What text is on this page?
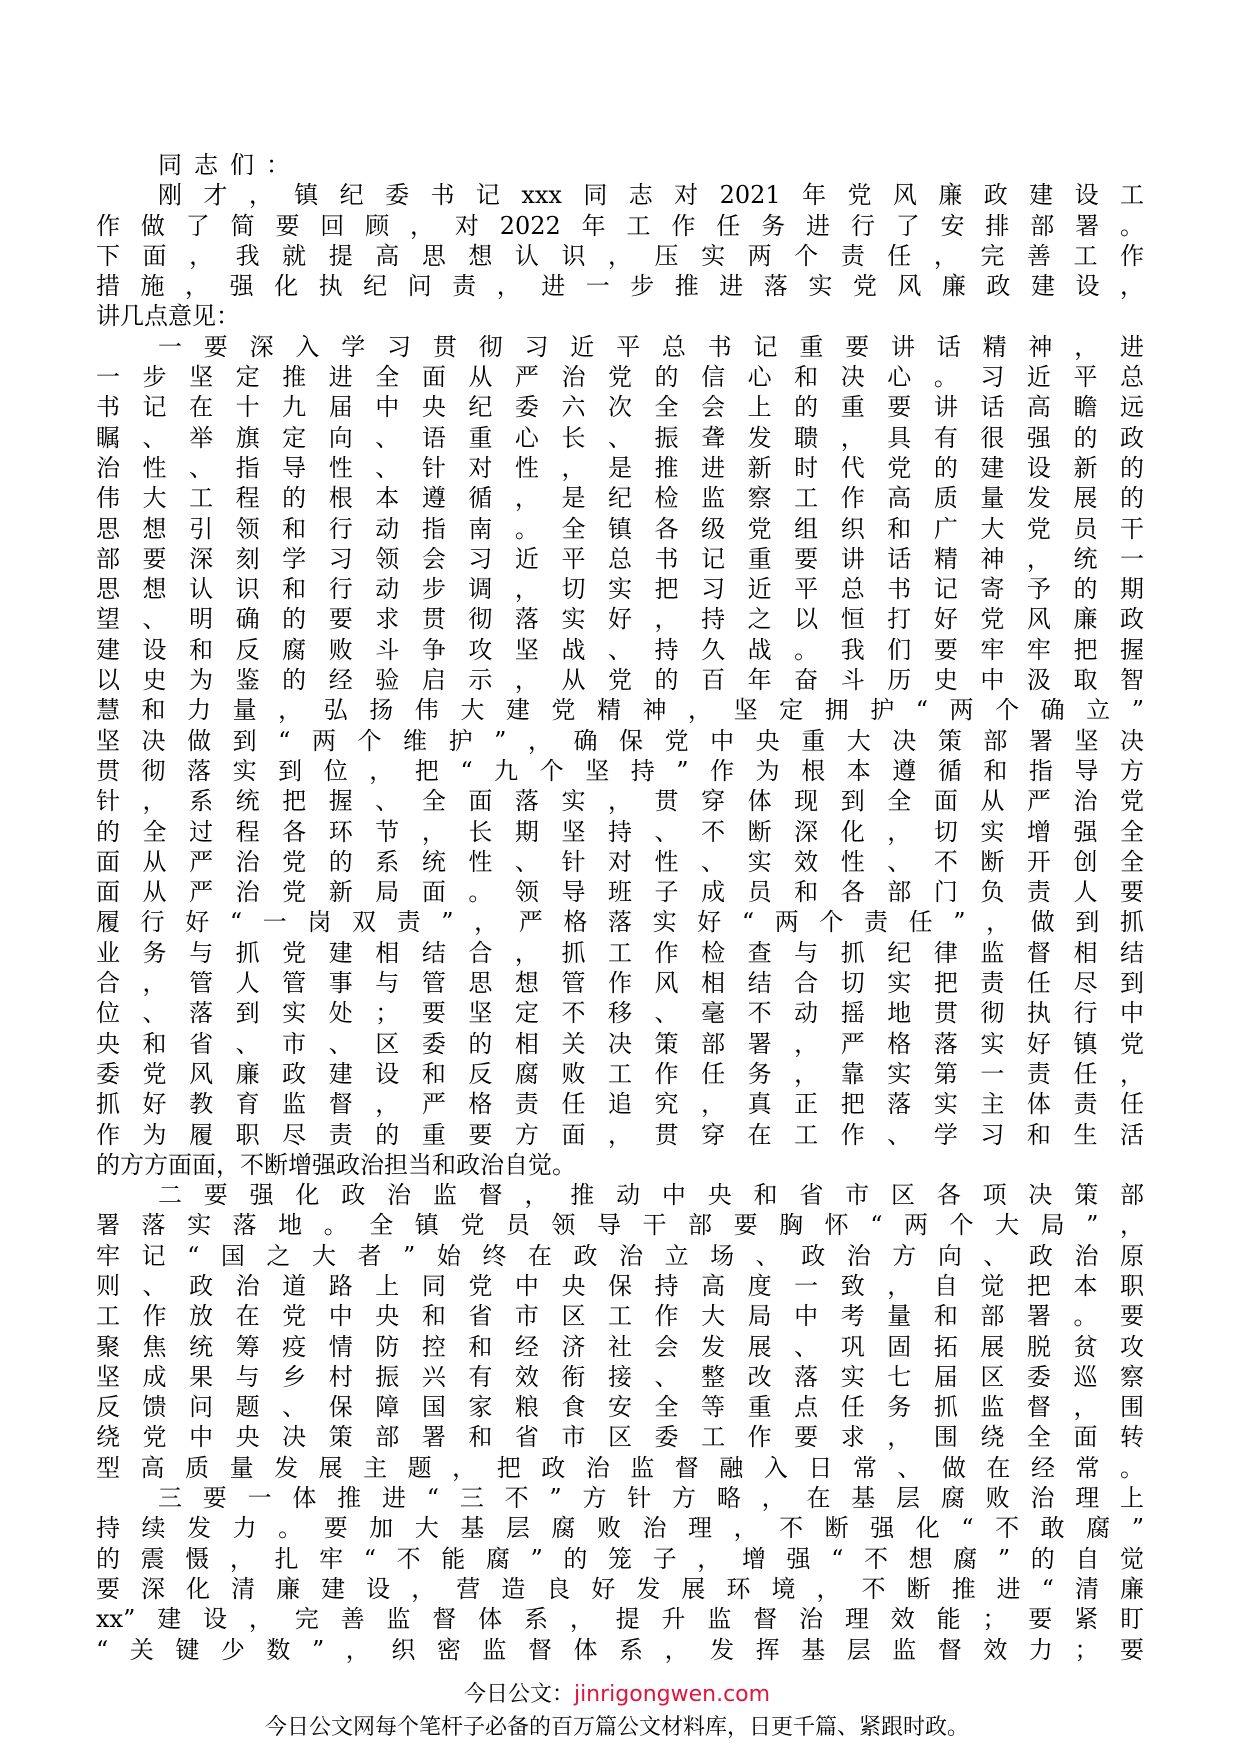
同志们：
刚才，镇纪委书记xxx同志对2021年党风廉政建设工
作做了简要回顾，对2022年工作任务进行了安排部署。
下面，我就提高思想认识，压实两个责任，完善工作
措施，强化执纪问责，进一步推进落实党风廉政建设，
讲几点意见：
一要深入学习贯彻习近平总书记重要讲话精神，进
一步坚定推进全面从严治党的信心和决心。习近平总
书记在十九届中央纪委六次全会上的重要讲话高瞻远
瞩、举旗定向、语重心长、振聋发聩，具有很强的政
治性、指导性、针对性，是推进新时代党的建设新的
伟大工程的根本遵循，是纪检监察工作高质量发展的
思想引领和行动指南。全镇各级党组织和广大党员干
部要深刻学习领会习近平总书记重要讲话精神，统一
思想认识和行动步调，切实把习近平总书记寄予的期
望、明确的要求贯彻落实好，持之以恒打好党风廉政
建设和反腐败斗争攻坚战、持久战。我们要牢牢把握
以史为鉴的经验启示，从党的百年奋斗历史中汲取智
慧和力量，弘扬伟大建党精神，坚定拥护“两个确立”
坚决做到“两个维护”，确保党中央重大决策部署坚决
贯彻落实到位，把“九个坚持”作为根本遵循和指导方
针，系统把握、全面落实，贯穿体现到全面从严治党
的全过程各环节，长期坚持、不断深化，切实增强全
面从严治党的系统性、针对性、实效性、不断开创全
面从严治党新局面。领导班子成员和各部门负责人要
履行好“一岗双责”，严格落实好“两个责任”，做到抓
业务与抓党建相结合，抓工作检查与抓纪律监督相结
合，管人管事与管思想管作风相结合切实把责任尽到
位、落到实处；要坚定不移、毫不动摇地贯彻执行中
央和省、市、区委的相关决策部署，严格落实好镇党
委党风廉政建设和反腐败工作任务，靠实第一责任，
抓好教育监督，严格责任追究，真正把落实主体责任
作为履职尽责的重要方面，贯穿在工作、学习和生活
的方方面面，不断增强政治担当和政治自觉。
二要强化政治监督，推动中央和省市区各项决策部
署落实落地。全镇党员领导干部要胸怀“两个大局”，
牢记“国之大者”始终在政治立场、政治方向、政治原
则、政治道路上同党中央保持高度一致，自觉把本职
工作放在党中央和省市区工作大局中考量和部署。要
聚焦统筹疫情防控和经济社会发展、巩固拓展脱贫攻
坚成果与乡村振兴有效衔接、整改落实七届区委巡察
反馈问题、保障国家粮食安全等重点任务抓监督，围
绕党中央决策部署和省市区委工作要求，围绕全面转
型高质量发展主题，把政治监督融入日常、做在经常。
三要一体推进“三不”方针方略，在基层腐败治理上
持续发力。要加大基层腐败治理，不断强化“不敢腐”
的震慑，扎牢“不能腐”的笼子，增强“不想腐”的自觉
要深化清廉建设，营造良好发展环境，不断推进“清廉
xx”建设，完善监督体系，提升监督治理效能；要紧盯
“关键少数”，织密监督体系，发挥基层监督效力；要
今日公文：jinrigongwen.com
今日公文网每个笔杆子必备的百万篇公文材料库，日更千篇、紧跟时政。
